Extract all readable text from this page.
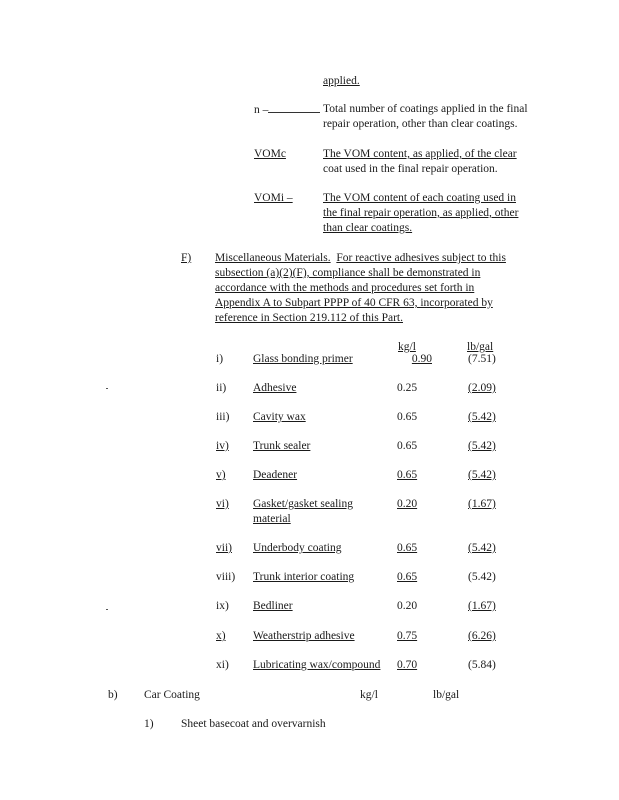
applied.
n –	Total number of coatings applied in the final
repair operation, other than clear coatings.
VOMc	The VOM content, as applied, of the clear
coat used in the final repair operation.
VOMi –	The VOM content of each coating used in
the final repair operation, as applied, other
than clear coatings.
F) Miscellaneous Materials. For reactive adhesives subject to this
subsection (a)(2)(F), compliance shall be demonstrated in
accordance with the methods and procedures set forth in
Appendix A to Subpart PPPP of 40 CFR 63, incorporated by
reference in Section 219.112 of this Part.
kg/l	lb/gal
i)	Glass bonding primer	0.90	(7.51)
ii) Adhesive	0.25	(2.09)
iii) Cavity wax	0.65	(5.42)
iv) Trunk sealer	0.65	(5.42)
v) Deadener	0.65	(5.42)
vi) Gasket/gasket sealing
material
0.20	(1.67)
vii) Underbody coating	0.65	(5.42)
viii) Trunk interior coating	0.65	(5.42)
ix) Bedliner	0.20	(1.67)
x) Weatherstrip adhesive	0.75	(6.26)
xi) Lubricating wax/compound 0.70	(5.84)
b) Car Coating	kg/l	lb/gal
1) Sheet basecoat and overvarnish
